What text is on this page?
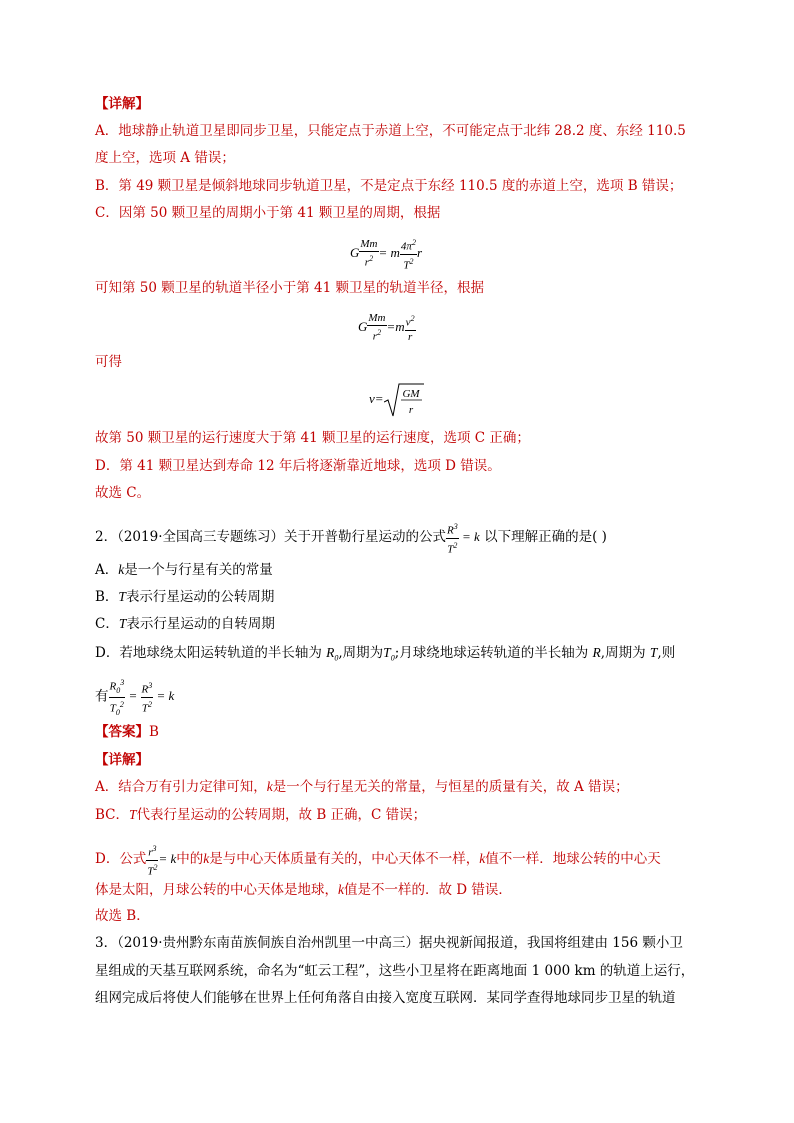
【详解】
A．地球静止轨道卫星即同步卫星，只能定点于赤道上空，不可能定点于北纬 28.2 度、东经 110.5
度上空，选项 A 错误；
B．第 49 颗卫星是倾斜地球同步轨道卫星，不是定点于东经 110.5 度的赤道上空，选项 B 错误；
C．因第 50 颗卫星的周期小于第 41 颗卫星的周期，根据
G $\frac{Mm}{r^2} = m \frac{4\pi^2}{T^2}$ r
可知第 50 颗卫星的轨道半径小于第 41 颗卫星的轨道半径，根据
G $\frac{Mm}{r^2} =m \frac{v^2}{r}$
可得
v= GM
r
故第 50 颗卫星的运行速度大于第 41 颗卫星的运行速度，选项 C 正确；
D．第 41 颗卫星达到寿命 12 年后将逐渐靠近地球，选项 D 错误。
故选 C。
2．（2019·全国高三专题练习）关于开普勒行星运动的公式 $\frac{R^3}{T^2} = k$ 以下理解正确的是( )
A．k是一个与行星有关的常量
B．T表示行星运动的公转周期
C．T表示行星运动的自转周期
D．若地球绕太阳运转轨道的半长轴为 $R_0$,周期为$T_0$;月球绕地球运转轨道的半长轴为 R,周期为 T,则
有 $\frac{R_0^3}{T_0^2} = \frac{R^3}{T^2} = k$
【答案】B
【详解】
A．结合万有引力定律可知，k是一个与行星无关的常量，与恒星的质量有关，故 A 错误；
BC．T代表行星运动的公转周期，故 B 正确，C 错误；
D．公式 $\frac{r^3}{T^2} = k$中的k是与中心天体质量有关的，中心天体不一样，k值不一样．地球公转的中心天
体是太阳，月球公转的中心天体是地球，k值是不一样的．故 D 错误．
故选 B．
3．（2019·贵州黔东南苗族侗族自治州凯里一中高三）据央视新闻报道，我国将组建由 156 颗小卫
星组成的天基互联网系统，命名为“虹云工程”，这些小卫星将在距离地面 1 000 km 的轨道上运行，
组网完成后将使人们能够在世界上任何角落自由接入宽度互联网．某同学查得地球同步卫星的轨道
